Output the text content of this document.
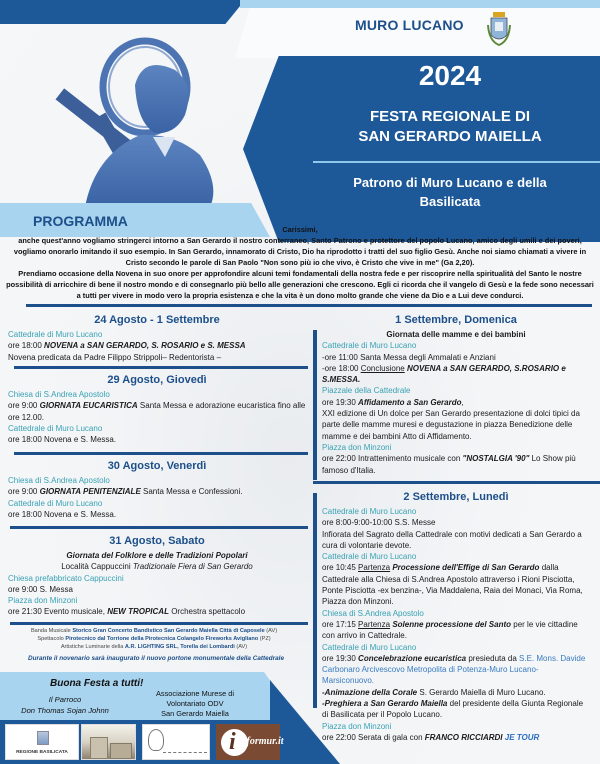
MURO LUCANO
2024
FESTA REGIONALE DI
SAN GERARDO MAIELLA
Patrono di Muro Lucano e della
Basilicata
PROGRAMMA
Carissimi,
anche quest'anno vogliamo stringerci intorno a San Gerardo il nostro conterraneo, Santo Patrono e protettore del popolo Lucano, amico degli umili e dei poveri, vogliamo onorarlo imitando il suo esempio. In San Gerardo, innamorato di Cristo, Dio ha riprodotto i tratti del suo figlio Gesù. Anche noi siamo chiamati a vivere in Cristo secondo le parole di San Paolo "Non sono più io che vivo, è Cristo che vive in me" (Ga 2,20).
Prendiamo occasione della Novena in suo onore per approfondire alcuni temi fondamentali della nostra fede e per riscoprire nella spiritualità del Santo le nostre possibilità di arricchire di bene il nostro mondo e di consegnarlo più bello alle generazioni che crescono. Egli ci ricorda che il vangelo di Gesù e la fede sono necessari a tutti per vivere in modo vero la propria esistenza e che la vita è un dono molto grande che viene da Dio e a Lui deve condurci.
24 Agosto - 1 Settembre
Cattedrale di Muro Lucano
ore 18:00 NOVENA a SAN GERARDO, S. ROSARIO e S. MESSA
Novena predicata da Padre Filippo Strippoli– Redentorista –
29 Agosto, Giovedì
Chiesa di S.Andrea Apostolo
ore 9:00 GIORNATA EUCARISTICA Santa Messa e adorazione eucaristica fino alle ore 12.00.
Cattedrale di Muro Lucano
ore 18:00 Novena e S. Messa.
30 Agosto, Venerdì
Chiesa di S.Andrea Apostolo
ore 9:00 GIORNATA PENITENZIALE Santa Messa e Confessioni.
Cattedrale di Muro Lucano
ore 18:00 Novena e S. Messa.
31 Agosto, Sabato
Giornata del Folklore e delle Tradizioni Popolari
Località Cappuccini Tradizionale Fiera di San Gerardo
Chiesa prefabbricato Cappuccini
ore 9:00 S. Messa
Piazza don Minzoni
ore 21:30 Evento musicale, NEW TROPICAL Orchestra spettacolo
Banda Musicale Storico Gran Concerto Bandistico San Gerardo Maiella Città di Caposele (AV)
Spettacolo Pirotecnico dal Torrione della Pirotecnica Colangelo Fireworks Avigliano (PZ)
Artistiche Luminarie della A.R. LIGHTING SRL, Torella dei Lombardi (AV)
Durante il novenario sarà inaugurato il nuovo portone monumentale della Cattedrale
1 Settembre, Domenica
Giornata delle mamme e dei bambini
Cattedrale di Muro Lucano
-ore 11:00 Santa Messa degli Ammalati e Anziani
-ore 18:00 Conclusione NOVENA a SAN GERARDO, S.ROSARIO e S.MESSA.
Piazzale della Cattedrale
ore 19:30 Affidamento a San Gerardo,
XXI edizione di Un dolce per San Gerardo presentazione di dolci tipici da parte delle mamme muresi e degustazione in piazza Benedizione delle mamme e dei bambini Atto di Affidamento.
Piazza don Minzoni
ore 22:00 Intrattenimento musicale con "NOSTALGIA '90" Lo Show più famoso d'Italia.
2 Settembre, Lunedì
Cattedrale di Muro Lucano
ore 8:00-9:00-10:00 S.S. Messe
Infiorata del Sagrato della Cattedrale con motivi dedicati a San Gerardo a cura di volontarie devote.
Cattedrale di Muro Lucano
ore 10:45 Partenza Processione dell'Effige di San Gerardo dalla Cattedrale alla Chiesa di S.Andrea Apostolo attraverso i Rioni Pisciotta, Ponte Pisciotta -ex benzina-, Via Maddalena, Raia dei Monaci, Via Roma, Piazza don Minzoni.
Chiesa di S.Andrea Apostolo
ore 17:15 Partenza Solenne processione del Santo per le vie cittadine con arrivo in Cattedrale.
Cattedrale di Muro Lucano
ore 19:30 Concelebrazione eucaristica presieduta da S.E. Mons. Davide Carbonaro Arcivescovo Metropolita di Potenza-Muro Lucano-Marsiconuovo.
-Animazione della Corale S. Gerardo Maiella di Muro Lucano.
-Preghiera a San Gerardo Maiella del presidente della Giunta Regionale di Basilicata per il Popolo Lucano.
Piazza don Minzoni
ore 22:00 Serata di gala con FRANCO RICCIARDI JE TOUR
Buona Festa a tutti!
Il Parroco
Don Thomas Sojan Johnn
Associazione Murese di
Volontariato ODV
San Gerardo Maiella
REGIONE BASILICATA	i nformur.it
